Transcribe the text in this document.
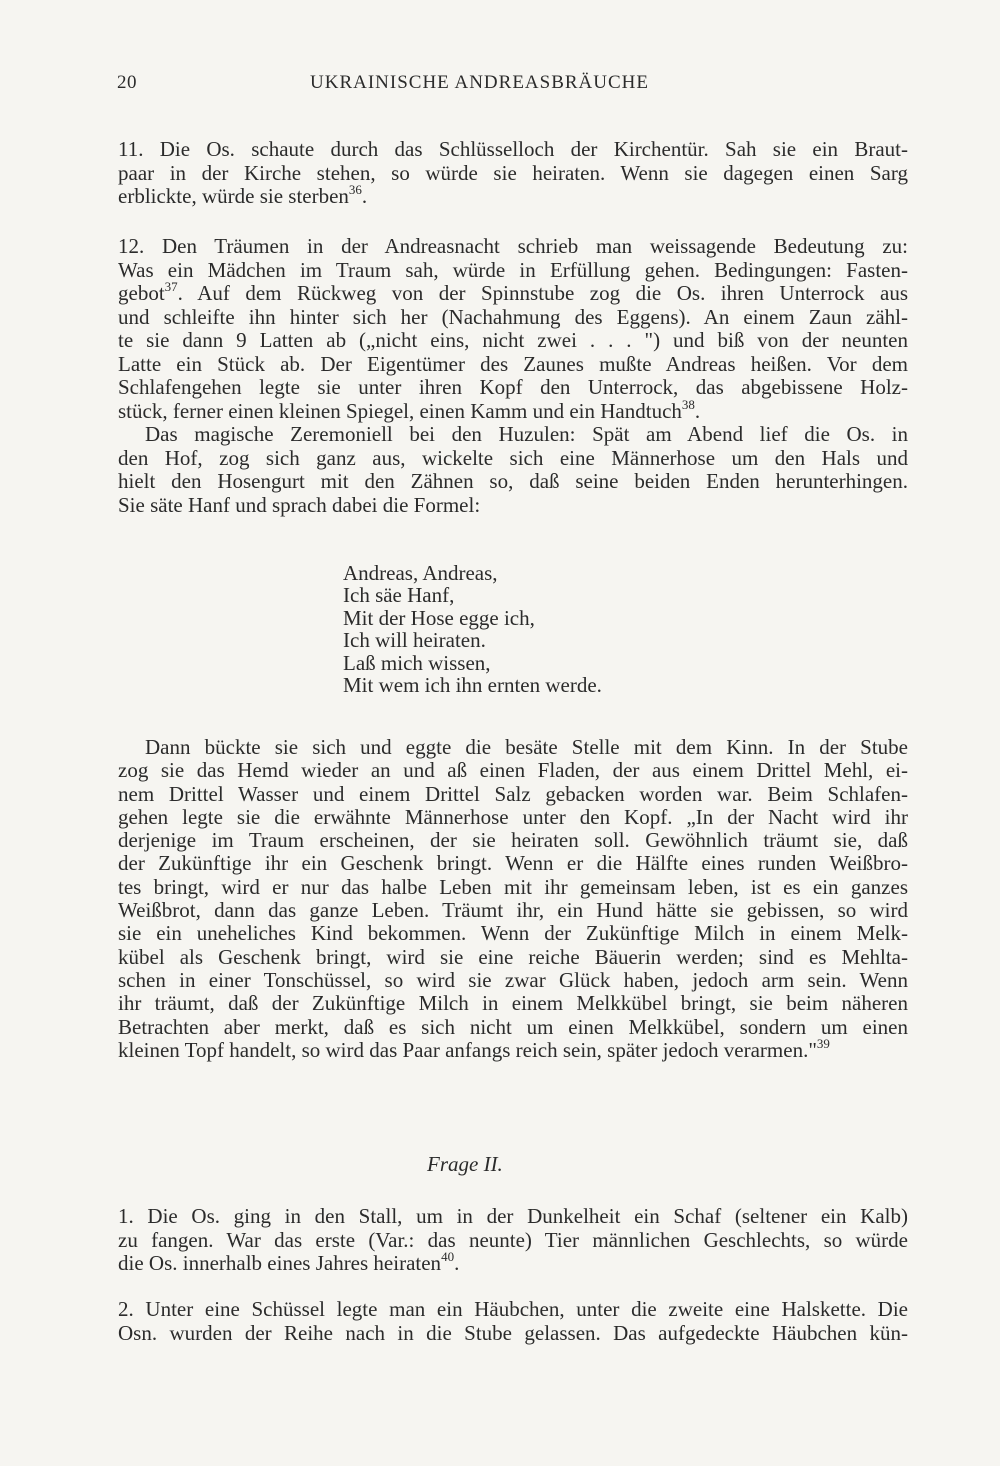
20	UKRAINISCHE ANDREASBRÄUCHE
11. Die Os. schaute durch das Schlüsselloch der Kirchentür. Sah sie ein Braut-
paar in der Kirche stehen, so würde sie heiraten. Wenn sie dagegen einen Sarg
erblickte, würde sie sterben$^{36}$.
12. Den Träumen in der Andreasnacht schrieb man weissagende Bedeutung zu:
Was ein Mädchen im Traum sah, würde in Erfüllung gehen. Bedingungen: Fasten-
gebot$^{37}$. Auf dem Rückweg von der Spinnstube zog die Os. ihren Unterrock aus
und schleifte ihn hinter sich her (Nachahmung des Eggens). An einem Zaun zähl-
te sie dann 9 Latten ab („nicht eins, nicht zwei . . . ") und biß von der neunten
Latte ein Stück ab. Der Eigentümer des Zaunes mußte Andreas heißen. Vor dem
Schlafengehen legte sie unter ihren Kopf den Unterrock, das abgebissene Holz-
stück, ferner einen kleinen Spiegel, einen Kamm und ein Handtuch$^{38}$.
Das magische Zeremoniell bei den Huzulen: Spät am Abend lief die Os. in
den Hof, zog sich ganz aus, wickelte sich eine Männerhose um den Hals und
hielt den Hosengurt mit den Zähnen so, daß seine beiden Enden herunterhingen.
Sie säte Hanf und sprach dabei die Formel:
Andreas, Andreas,
Ich säe Hanf,
Mit der Hose egge ich,
Ich will heiraten.
Laß mich wissen,
Mit wem ich ihn ernten werde.
Dann bückte sie sich und eggte die besäte Stelle mit dem Kinn. In der Stube
zog sie das Hemd wieder an und aß einen Fladen, der aus einem Drittel Mehl, ei-
nem Drittel Wasser und einem Drittel Salz gebacken worden war. Beim Schlafen-
gehen legte sie die erwähnte Männerhose unter den Kopf. „In der Nacht wird ihr
derjenige im Traum erscheinen, der sie heiraten soll. Gewöhnlich träumt sie, daß
der Zukünftige ihr ein Geschenk bringt. Wenn er die Hälfte eines runden Weißbro-
tes bringt, wird er nur das halbe Leben mit ihr gemeinsam leben, ist es ein ganzes
Weißbrot, dann das ganze Leben. Träumt ihr, ein Hund hätte sie gebissen, so wird
sie ein uneheliches Kind bekommen. Wenn der Zukünftige Milch in einem Melk-
kübel als Geschenk bringt, wird sie eine reiche Bäuerin werden; sind es Mehlta-
schen in einer Tonschüssel, so wird sie zwar Glück haben, jedoch arm sein. Wenn
ihr träumt, daß der Zukünftige Milch in einem Melkkübel bringt, sie beim näheren
Betrachten aber merkt, daß es sich nicht um einen Melkkübel, sondern um einen
kleinen Topf handelt, so wird das Paar anfangs reich sein, später jedoch verarmen."$^{39}$
Frage II.
1. Die Os. ging in den Stall, um in der Dunkelheit ein Schaf (seltener ein Kalb)
zu fangen. War das erste (Var.: das neunte) Tier männlichen Geschlechts, so würde
die Os. innerhalb eines Jahres heiraten$^{40}$.
2. Unter eine Schüssel legte man ein Häubchen, unter die zweite eine Halskette. Die
Osn. wurden der Reihe nach in die Stube gelassen. Das aufgedeckte Häubchen kün-
